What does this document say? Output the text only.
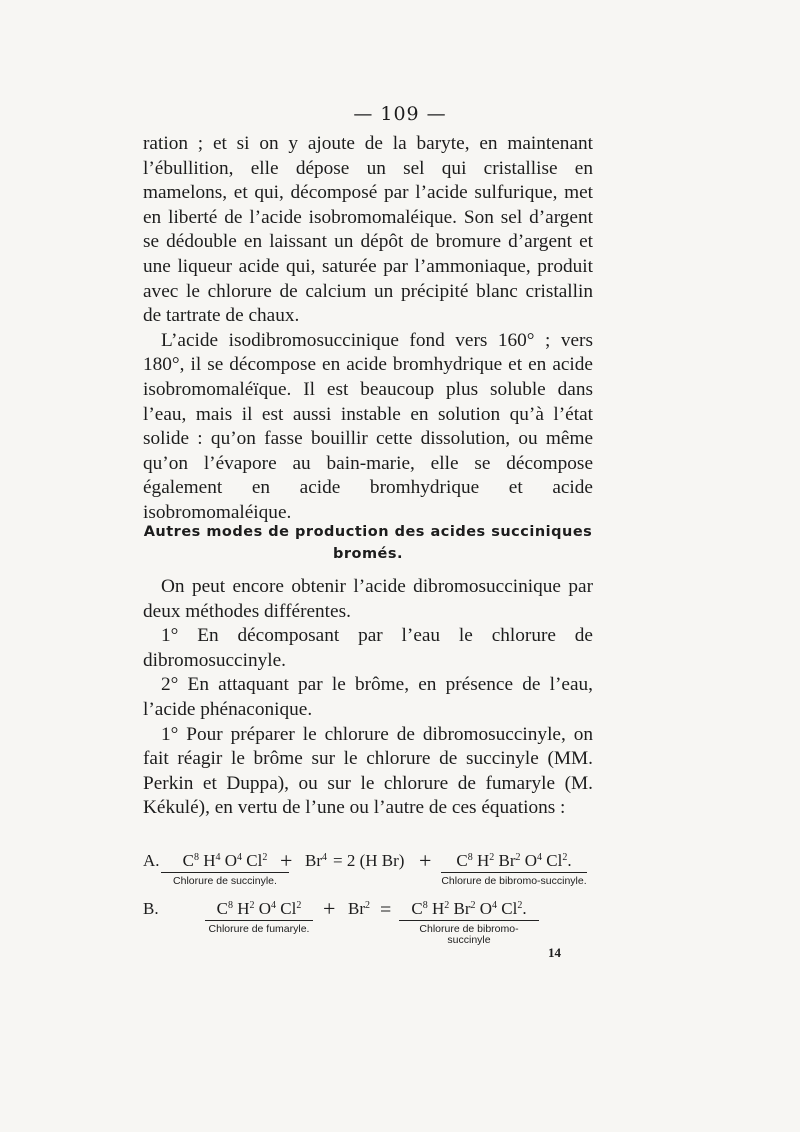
— 109 —

ration ; et si on y ajoute de la baryte, en maintenant l’ébullition, elle dépose un sel qui cristallise en mamelons, et qui, décomposé par l’acide sulfurique, met en liberté de l’acide isobromomaléique. Son sel d’argent se dédouble en laissant un dépôt de bromure d’argent et une liqueur acide qui, saturée par l’ammoniaque, produit avec le chlorure de calcium un précipité blanc cristallin de tartrate de chaux.

L’acide isodibromosuccinique fond vers 160° ; vers 180°, il se décompose en acide bromhydrique et en acide isobromomaléïque. Il est beaucoup plus soluble dans l’eau, mais il est aussi instable en solution qu’à l’état solide : qu’on fasse bouillir cette dissolution, ou même qu’on l’évapore au bain-marie, elle se décompose également en acide bromhydrique et acide isobromomaléique.

Autres modes de production des acides succiniques bromés.

On peut encore obtenir l’acide dibromosuccinique par deux méthodes différentes.

1° En décomposant par l’eau le chlorure de dibromosuccinyle.

2° En attaquant par le brôme, en présence de l’eau, l’acide phénaconique.

1° Pour préparer le chlorure de dibromosuccinyle, on fait réagir le brôme sur le chlorure de succinyle (MM. Perkin et Duppa), ou sur le chlorure de fumaryle (M. Kékulé), en vertu de l’une ou l’autre de ces équations :

A.	$C^8$ $H^4$ $O^4$ Cl$^2$
Chlorure de succinyle.
+ $Br^4 = 2$ (H Br) +	$C^8$ $H^2$ Br$^2$ $O^4$ Cl$^2$.
Chlorure de bibromo-succinyle.
B.	$C^8$ $H^2$ $O^4$ Cl$^2$
Chlorure de fumaryle.
+ $Br^2$ =	$C^8$ $H^2$ Br$^2$ $O^4$ Cl$^2$.
Chlorure de bibromo-succinyle
14
